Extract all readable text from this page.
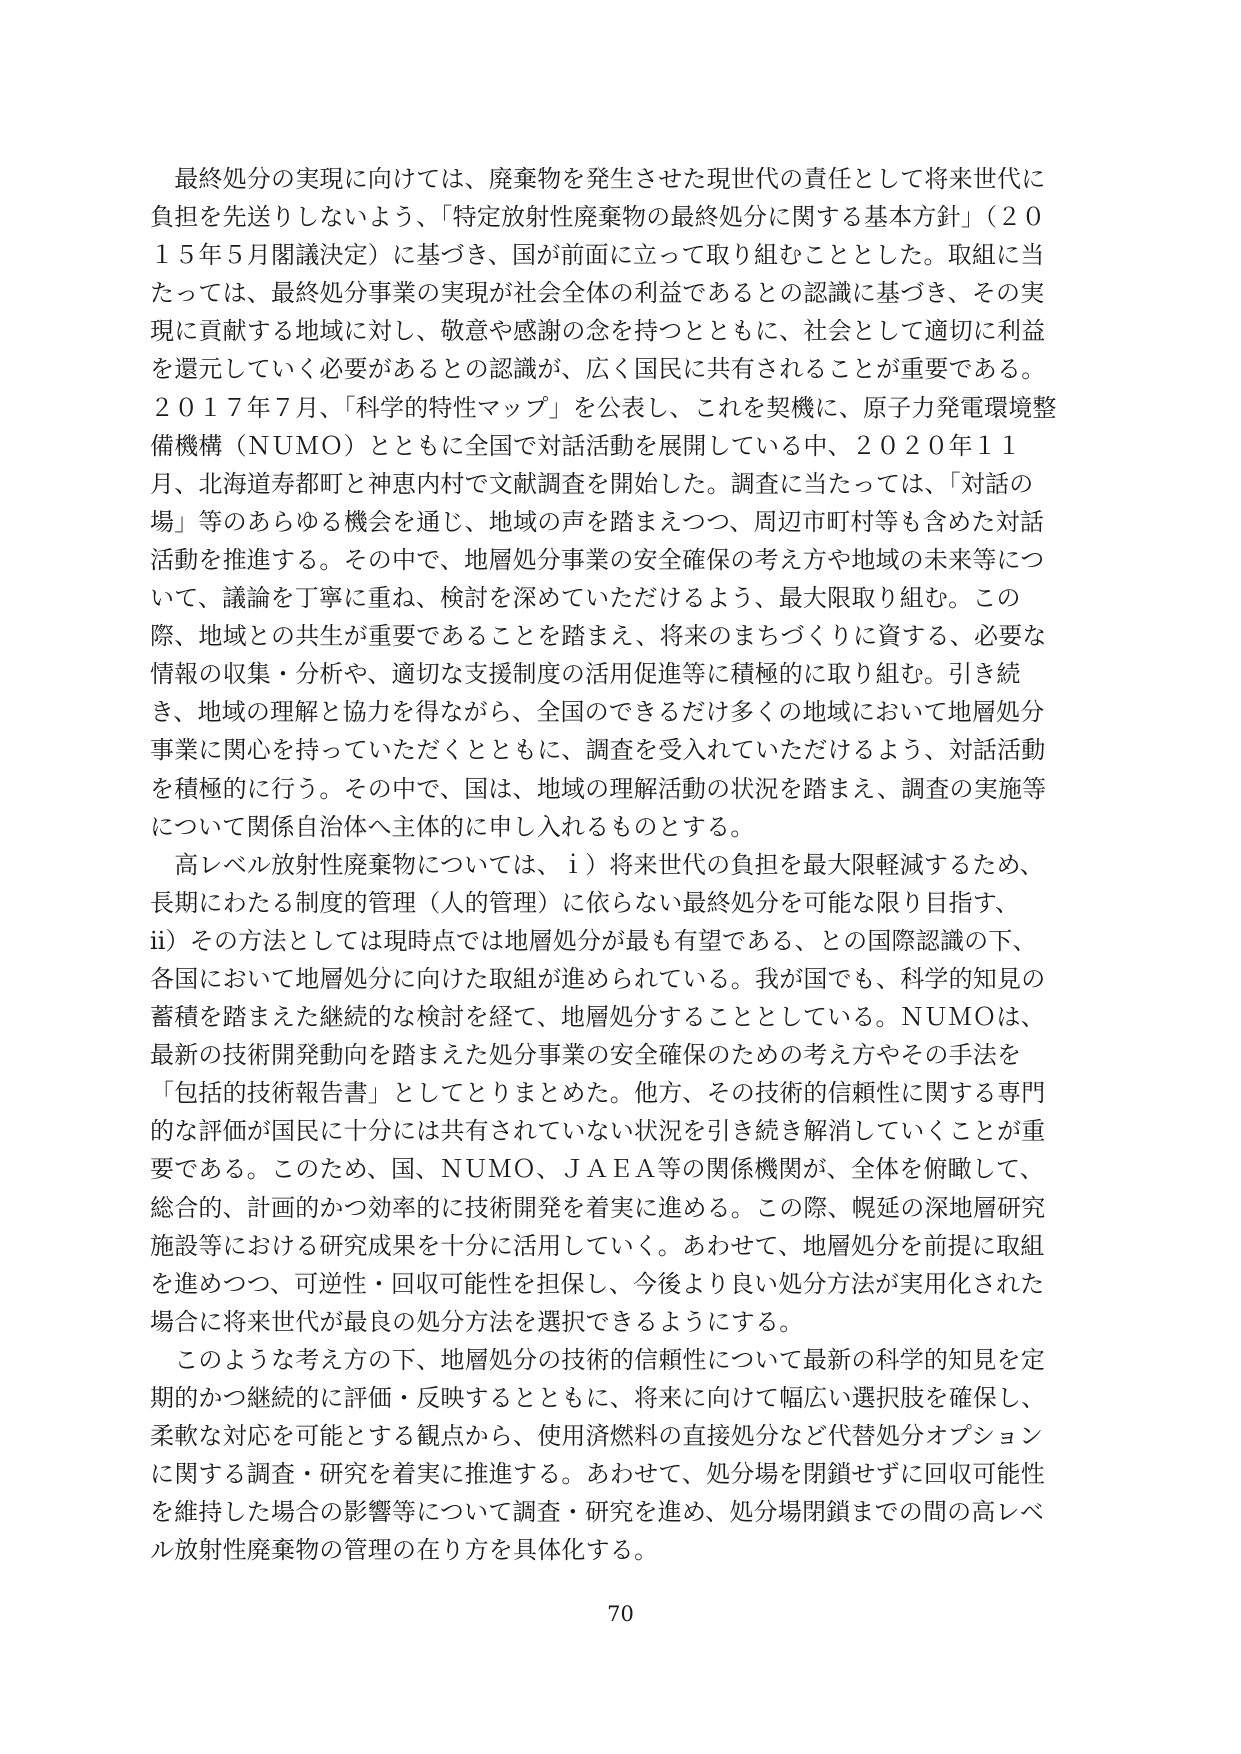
　最終処分の実現に向けては、廃棄物を発生させた現世代の責任として将来世代に
負担を先送りしないよう、「特定放射性廃棄物の最終処分に関する基本方針」（２０
１５年５月閣議決定）に基づき、国が前面に立って取り組むこととした。取組に当
たっては、最終処分事業の実現が社会全体の利益であるとの認識に基づき、その実
現に貢献する地域に対し、敬意や感謝の念を持つとともに、社会として適切に利益
を還元していく必要があるとの認識が、広く国民に共有されることが重要である。
２０１７年７月、「科学的特性マップ」を公表し、これを契機に、原子力発電環境整
備機構（ＮＵＭＯ）とともに全国で対話活動を展開している中、２０２０年１１
月、北海道寿都町と神恵内村で文献調査を開始した。調査に当たっては、「対話の
場」等のあらゆる機会を通じ、地域の声を踏まえつつ、周辺市町村等も含めた対話
活動を推進する。その中で、地層処分事業の安全確保の考え方や地域の未来等につ
いて、議論を丁寧に重ね、検討を深めていただけるよう、最大限取り組む。この
際、地域との共生が重要であることを踏まえ、将来のまちづくりに資する、必要な
情報の収集・分析や、適切な支援制度の活用促進等に積極的に取り組む。引き続
き、地域の理解と協力を得ながら、全国のできるだけ多くの地域において地層処分
事業に関心を持っていただくとともに、調査を受入れていただけるよう、対話活動
を積極的に行う。その中で、国は、地域の理解活動の状況を踏まえ、調査の実施等
について関係自治体へ主体的に申し入れるものとする。
　高レベル放射性廃棄物については、ｉ）将来世代の負担を最大限軽減するため、
長期にわたる制度的管理（人的管理）に依らない最終処分を可能な限り目指す、
ⅱ）その方法としては現時点では地層処分が最も有望である、との国際認識の下、
各国において地層処分に向けた取組が進められている。我が国でも、科学的知見の
蓄積を踏まえた継続的な検討を経て、地層処分することとしている。ＮＵＭＯは、
最新の技術開発動向を踏まえた処分事業の安全確保のための考え方やその手法を
「包括的技術報告書」としてとりまとめた。他方、その技術的信頼性に関する専門
的な評価が国民に十分には共有されていない状況を引き続き解消していくことが重
要である。このため、国、ＮＵＭＯ、ＪＡＥＡ等の関係機関が、全体を俯瞰して、
総合的、計画的かつ効率的に技術開発を着実に進める。この際、幌延の深地層研究
施設等における研究成果を十分に活用していく。あわせて、地層処分を前提に取組
を進めつつ、可逆性・回収可能性を担保し、今後より良い処分方法が実用化された
場合に将来世代が最良の処分方法を選択できるようにする。
　このような考え方の下、地層処分の技術的信頼性について最新の科学的知見を定
期的かつ継続的に評価・反映するとともに、将来に向けて幅広い選択肢を確保し、
柔軟な対応を可能とする観点から、使用済燃料の直接処分など代替処分オプション
に関する調査・研究を着実に推進する。あわせて、処分場を閉鎖せずに回収可能性
を維持した場合の影響等について調査・研究を進め、処分場閉鎖までの間の高レベ
ル放射性廃棄物の管理の在り方を具体化する。
70
